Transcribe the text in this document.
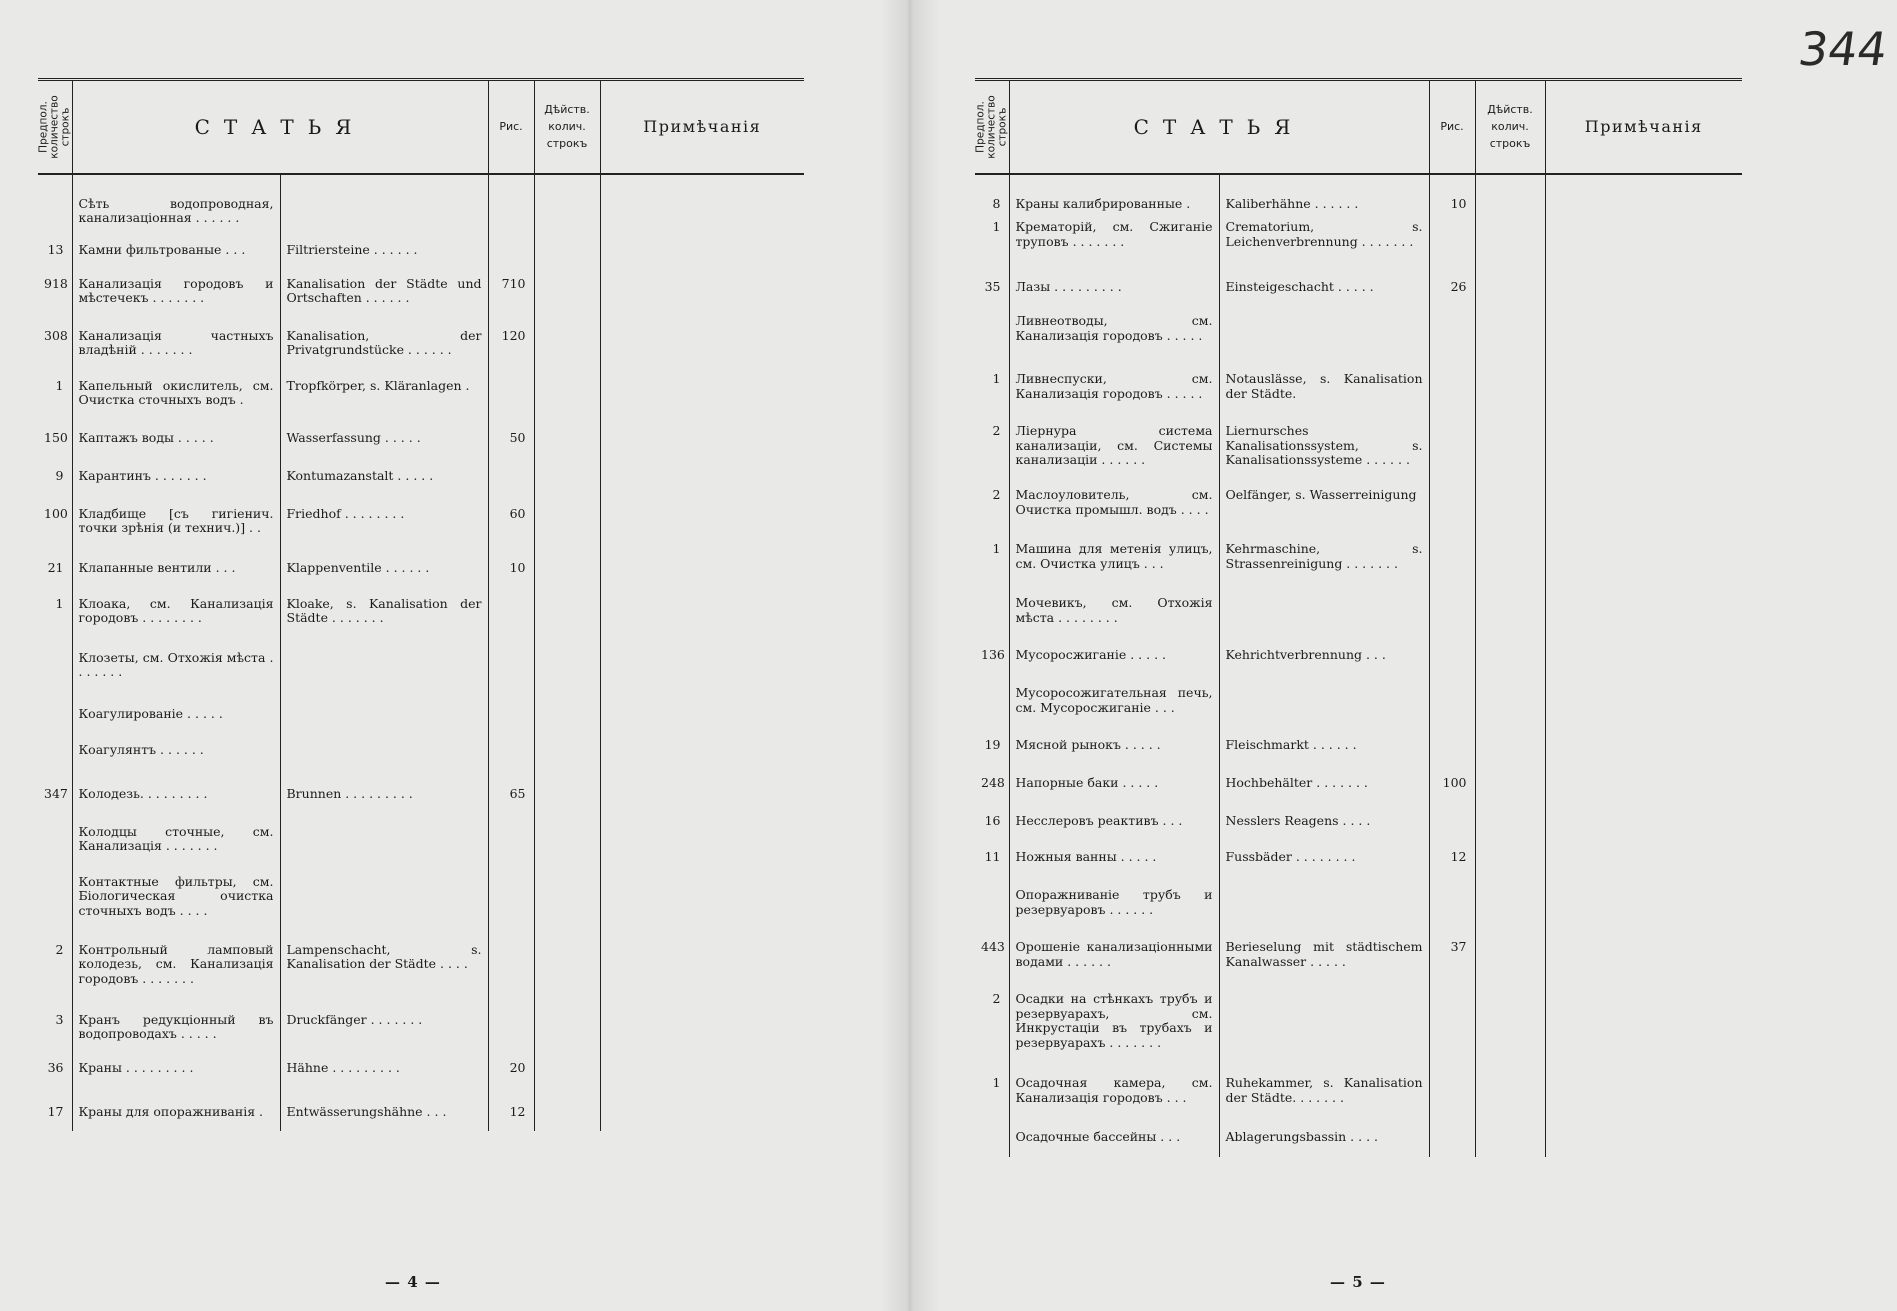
Предпол.
количество
строкъ	СТАТЬЯ		Рис.	Дѣйств.
колич.
строкъ	Примѣчанія
	Сѣть водопроводная, канализаціонная . . . . . .				
13	Камни фильтрованые . . .	Filtriersteine . . . . . .			
918	Канализація городовъ и мѣстечекъ . . . . . . .	Kanalisation der Städte und Ortschaften . . . . . .	710		
308	Канализація частныхъ владѣній . . . . . . .	Kanalisation, der Privatgrundstücke . . . . . .	120		
1	Капельный окислитель, см. Очистка сточныхъ водъ .	Tropfkörper, s. Kläranlagen .			
150	Каптажъ воды . . . . .	Wasserfassung . . . . .	50		
9	Карантинъ . . . . . . .	Kontumazanstalt . . . . .			
100	Кладбище [съ гигіенич. точки зрѣнія (и технич.)] . .	Friedhof . . . . . . . .	60		
21	Клапанные вентили . . .	Klappenventile . . . . . .	10		
1	Клоака, см. Канализація городовъ . . . . . . . .	Kloake, s. Kanalisation der Städte . . . . . . .			
	Клозеты, см. Отхожія мѣста . . . . . . .				
	Коагулированіе . . . . .				
	Коагулянтъ . . . . . .				
347	Колодезь. . . . . . . . .	Brunnen . . . . . . . . .	65		
	Колодцы сточные, см. Канализація . . . . . . .				
	Контактные фильтры, см. Біологическая очистка сточныхъ водъ . . . .				
2	Контрольный ламповый колодезь, см. Канализація городовъ . . . . . . .	Lampenschacht, s. Kanalisation der Städte . . . .			
3	Кранъ редукціонный въ водопроводахъ . . . . .	Druckfänger . . . . . . .			
36	Краны . . . . . . . . .	Hähne . . . . . . . . .	20		
17	Краны для опоражниванія .	Entwässerungshähne . . .	12		
— 4 —
344
Предпол.
количество
строкъ	СТАТЬЯ		Рис.	Дѣйств.
колич.
строкъ	Примѣчанія
8	Краны калибрированные .	Kaliberhähne . . . . . .	10		
1	Крематорій, см. Сжиганіе труповъ . . . . . . .	Crematorium, s. Leichenverbrennung . . . . . . .			
35	Лазы . . . . . . . . .	Einsteigeschacht . . . . .	26		
	Ливнеотводы, см. Канализація городовъ . . . . .				
1	Ливнеспуски, см. Канализація городовъ . . . . .	Notauslässe, s. Kanalisation der Städte.			
2	Ліернура система канализаціи, см. Системы канализаціи . . . . . .	Liernursches Kanalisationssystem, s. Kanalisationssysteme . . . . . .			
2	Маслоуловитель, см. Очистка промышл. водъ . . . .	Oelfänger, s. Wasserreinigung			
1	Машина для метенія улицъ, см. Очистка улицъ . . .	Kehrmaschine, s. Strassenreinigung . . . . . . .			
	Мочевикъ, см. Отхожія мѣста . . . . . . . .				
136	Мусоросжиганіе . . . . .	Kehrichtverbrennung . . .			
	Мусоросожигательная печь, см. Мусоросжиганіе . . .				
19	Мясной рынокъ . . . . .	Fleischmarkt . . . . . .			
248	Напорные баки . . . . .	Hochbehälter . . . . . . .	100		
16	Несслеровъ реактивъ . . .	Nesslers Reagens . . . .			
11	Ножныя ванны . . . . .	Fussbäder . . . . . . . .	12		
	Опоражниваніе трубъ и резервуаровъ . . . . . .				
443	Орошеніе канализаціонными водами . . . . . .	Berieselung mit städtischem Kanalwasser . . . . .	37		
2	Осадки на стѣнкахъ трубъ и резервуарахъ, см. Инкрустаціи въ трубахъ и резервуарахъ . . . . . . .				
1	Осадочная камера, см. Канализація городовъ . . .	Ruhekammer, s. Kanalisation der Städte. . . . . . .			
	Осадочные бассейны . . .	Ablagerungsbassin . . . .			
— 5 —
